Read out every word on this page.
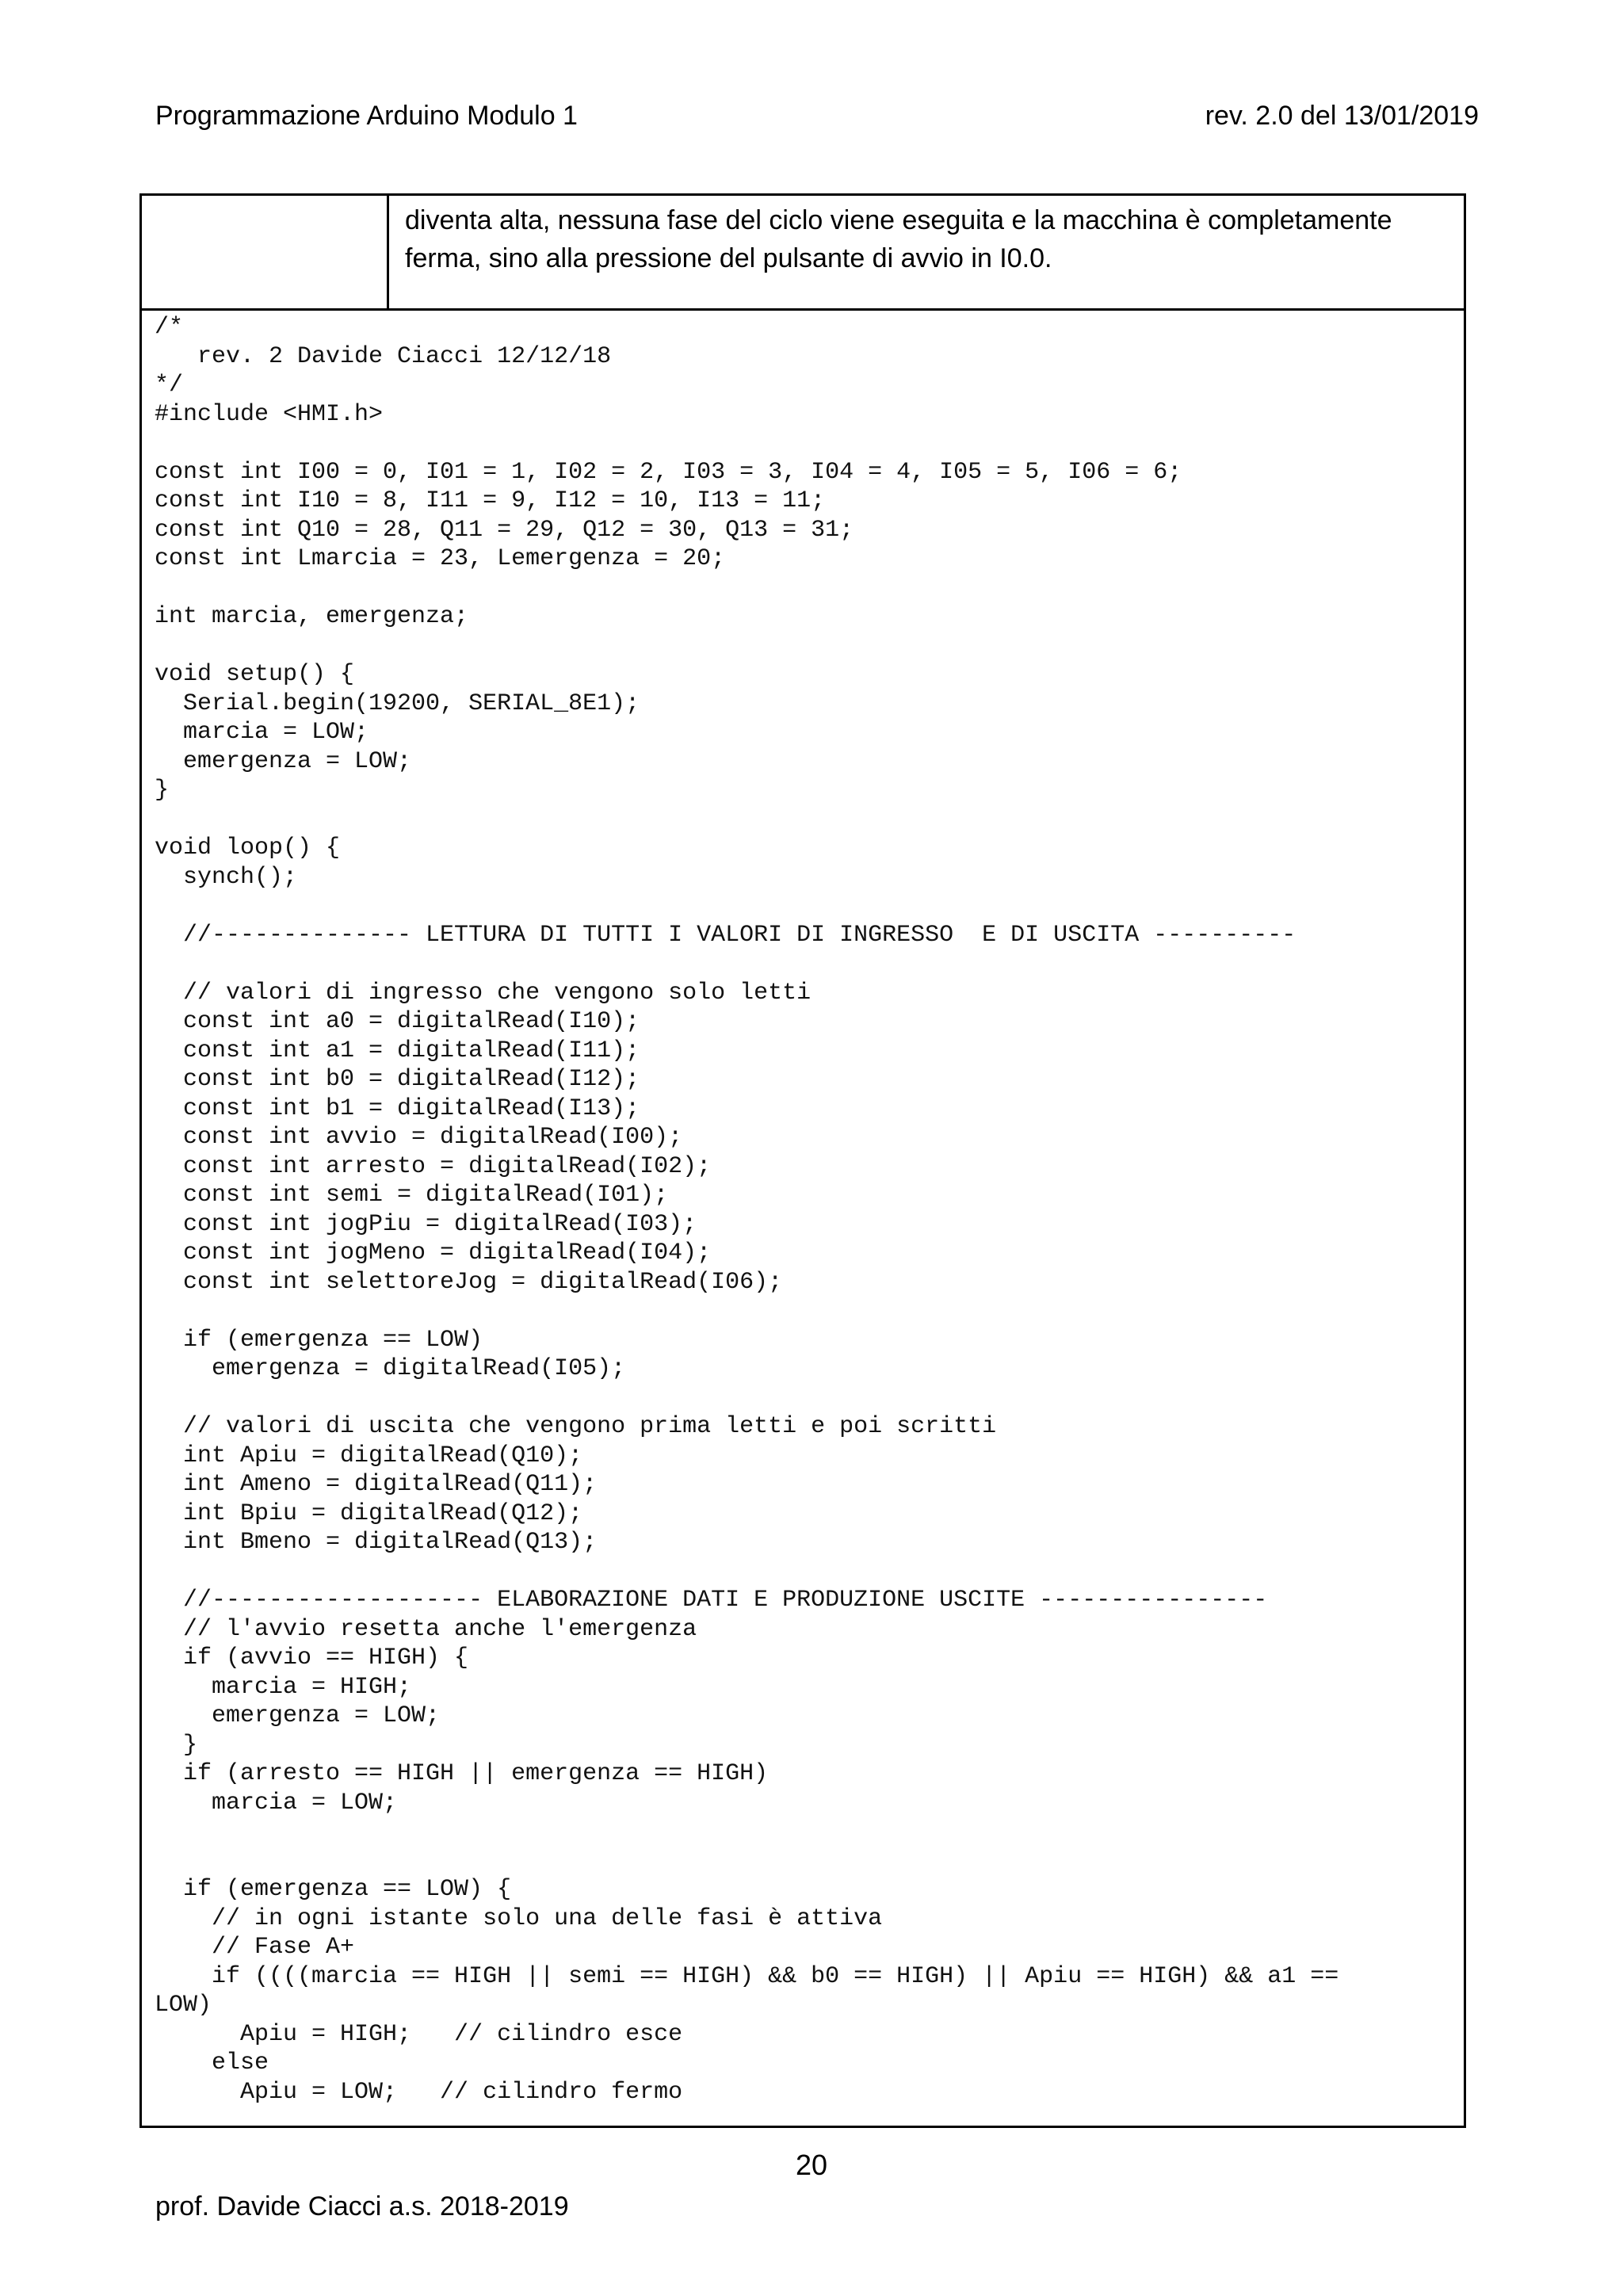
Programmazione Arduino Modulo 1	rev. 2.0 del 13/01/2019
diventa alta, nessuna fase del ciclo viene eseguita e la macchina è completamente
ferma, sino alla pressione del pulsante di avvio in I0.0.
/*
rev. 2 Davide Ciacci 12/12/18
*/
#include <HMI.h>
const int I00 = 0, I01 = 1, I02 = 2, I03 = 3, I04 = 4, I05 = 5, I06 = 6;
const int I10 = 8, I11 = 9, I12 = 10, I13 = 11;
const int Q10 = 28, Q11 = 29, Q12 = 30, Q13 = 31;
const int Lmarcia = 23, Lemergenza = 20;
int marcia, emergenza;
void setup() {
Serial.begin(19200, SERIAL_8E1);
marcia = LOW;
emergenza = LOW;
}
void loop() {
synch();
//-------------- LETTURA DI TUTTI I VALORI DI INGRESSO  E DI USCITA ----------
// valori di ingresso che vengono solo letti
const int a0 = digitalRead(I10);
const int a1 = digitalRead(I11);
const int b0 = digitalRead(I12);
const int b1 = digitalRead(I13);
const int avvio = digitalRead(I00);
const int arresto = digitalRead(I02);
const int semi = digitalRead(I01);
const int jogPiu = digitalRead(I03);
const int jogMeno = digitalRead(I04);
const int selettoreJog = digitalRead(I06);
if (emergenza == LOW)
emergenza = digitalRead(I05);
// valori di uscita che vengono prima letti e poi scritti
int Apiu = digitalRead(Q10);
int Ameno = digitalRead(Q11);
int Bpiu = digitalRead(Q12);
int Bmeno = digitalRead(Q13);
//------------------- ELABORAZIONE DATI E PRODUZIONE USCITE ----------------
// l'avvio resetta anche l'emergenza
if (avvio == HIGH) {
marcia = HIGH;
emergenza = LOW;
}
if (arresto == HIGH || emergenza == HIGH)
marcia = LOW;
if (emergenza == LOW) {
// in ogni istante solo una delle fasi è attiva
// Fase A+
if ((((marcia == HIGH || semi == HIGH) && b0 == HIGH) || Apiu == HIGH) && a1 ==
LOW)
Apiu = HIGH;   // cilindro esce
else
Apiu = LOW;   // cilindro fermo
20
prof. Davide Ciacci a.s. 2018-2019
